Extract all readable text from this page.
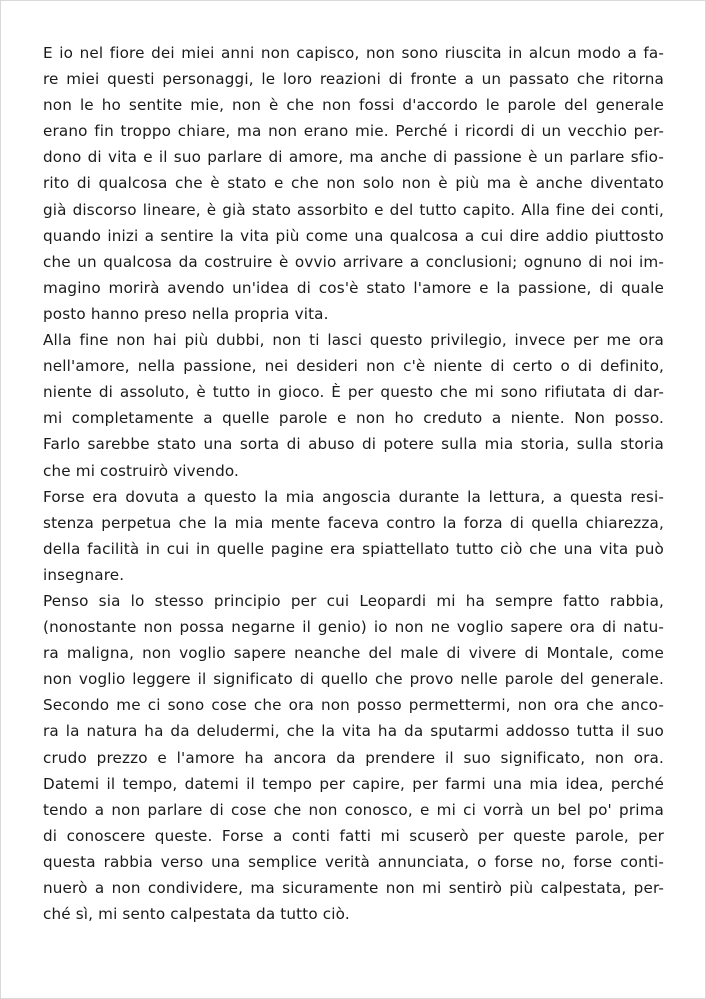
E io nel fiore dei miei anni non capisco, non sono riuscita in alcun modo a fa-
re miei questi personaggi, le loro reazioni di fronte a un passato che ritorna
non le ho sentite mie, non è che non fossi d'accordo le parole del generale
erano fin troppo chiare, ma non erano mie. Perché i ricordi di un vecchio per-
dono di vita e il suo parlare di amore, ma anche di passione è un parlare sfio-
rito di qualcosa che è stato e che non solo non è più ma è anche diventato
già discorso lineare, è già stato assorbito e del tutto capito. Alla fine dei conti,
quando inizi a sentire la vita più come una qualcosa a cui dire addio piuttosto
che un qualcosa da costruire è ovvio arrivare a conclusioni; ognuno di noi im-
magino morirà avendo un'idea di cos'è stato l'amore e la passione, di quale
posto hanno preso nella propria vita.
Alla fine non hai più dubbi, non ti lasci questo privilegio, invece per me ora
nell'amore, nella passione, nei desideri non c'è niente di certo o di definito,
niente di assoluto, è tutto in gioco. È per questo che mi sono rifiutata di dar-
mi completamente a quelle parole e non ho creduto a niente. Non posso.
Farlo sarebbe stato una sorta di abuso di potere sulla mia storia, sulla storia
che mi costruirò vivendo.
Forse era dovuta a questo la mia angoscia durante la lettura, a questa resi-
stenza perpetua che la mia mente faceva contro la forza di quella chiarezza,
della facilità in cui in quelle pagine era spiattellato tutto ciò che una vita può
insegnare.
Penso sia lo stesso principio per cui Leopardi mi ha sempre fatto rabbia,
(nonostante non possa negarne il genio) io non ne voglio sapere ora di natu-
ra maligna, non voglio sapere neanche del male di vivere di Montale, come
non voglio leggere il significato di quello che provo nelle parole del generale.
Secondo me ci sono cose che ora non posso permettermi, non ora che anco-
ra la natura ha da deludermi, che la vita ha da sputarmi addosso tutta il suo
crudo prezzo e l'amore ha ancora da prendere il suo significato, non ora.
Datemi il tempo, datemi il tempo per capire, per farmi una mia idea, perché
tendo a non parlare di cose che non conosco, e mi ci vorrà un bel po' prima
di conoscere queste. Forse a conti fatti mi scuserò per queste parole, per
questa rabbia verso una semplice verità annunciata, o forse no, forse conti-
nuerò a non condividere, ma sicuramente non mi sentirò più calpestata, per-
ché sì, mi sento calpestata da tutto ciò.
